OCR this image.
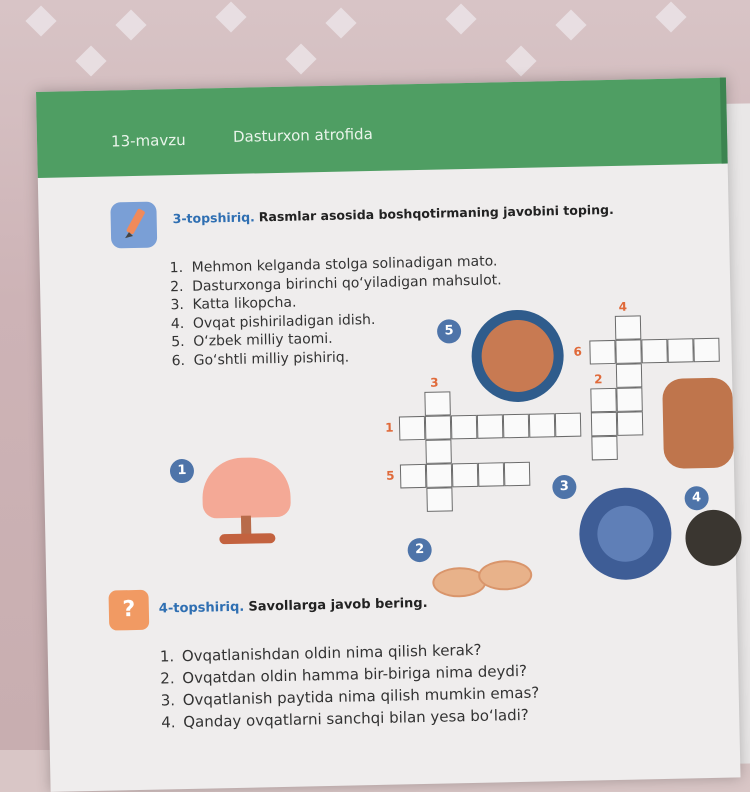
13-mavzu	Dasturxon atrofida
3-topshiriq. Rasmlar asosida boshqotirmaning javobini toping.
1. Mehmon kelganda stolga solinadigan mato.
2. Dasturxonga birinchi qo‘yiladigan mahsulot.
3. Katta likopcha.
4. Ovqat pishiriladigan idish.
5. O‘zbek milliy taomi.
6. Go‘shtli milliy pishiriq.
1
5
3
2
4
4
6
2
3
1
5
?	4-topshiriq. Savollarga javob bering.
1. Ovqatlanishdan oldin nima qilish kerak?
2. Ovqatdan oldin hamma bir-biriga nima deydi?
3. Ovqatlanish paytida nima qilish mumkin emas?
4. Qanday ovqatlarni sanchqi bilan yesa bo‘ladi?
